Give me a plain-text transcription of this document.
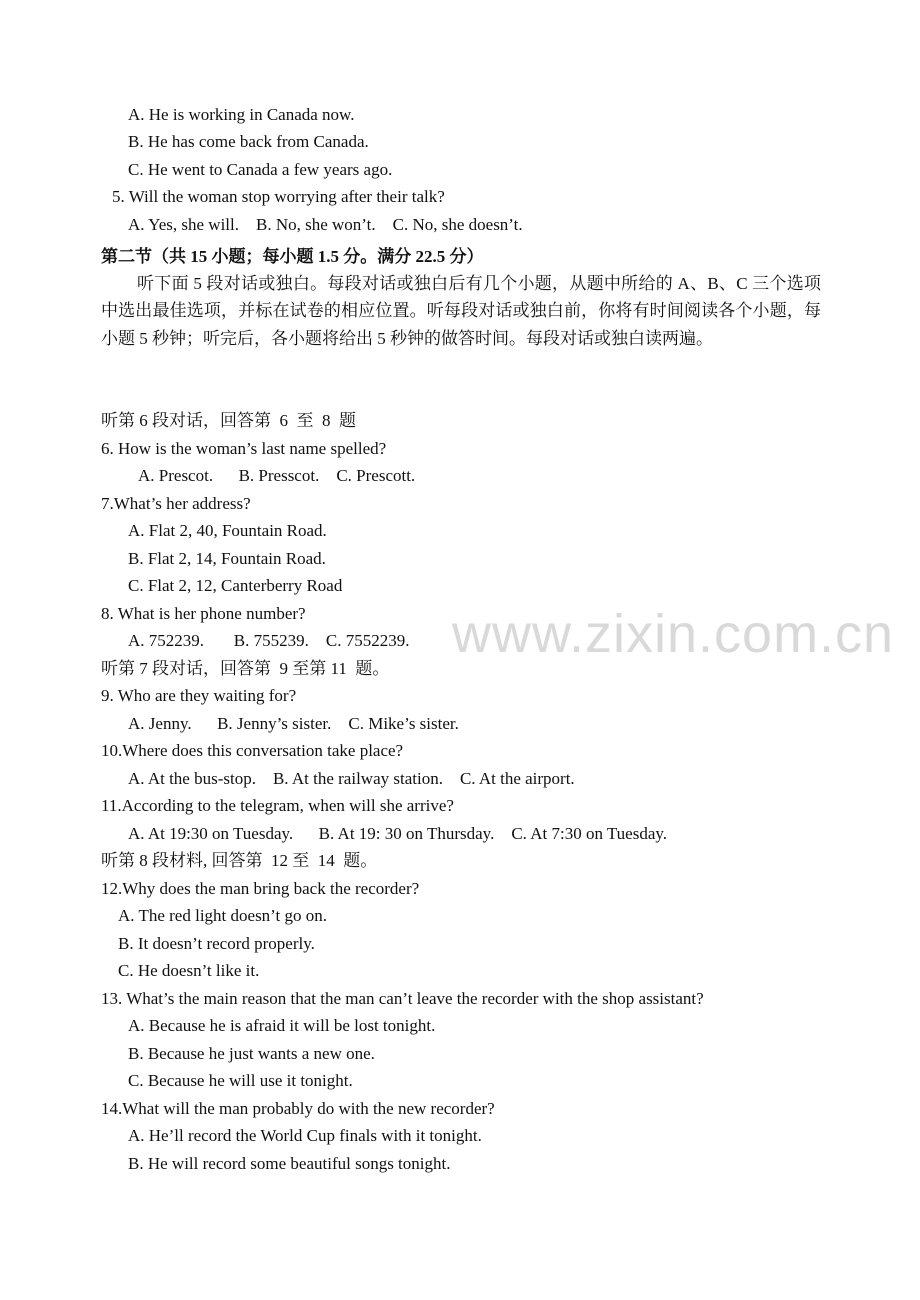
A. He is working in Canada now.
B. He has come back from Canada.
C. He went to Canada a few years ago.
5. Will the woman stop worrying after their talk?
A. Yes, she will.    B. No, she won’t.    C. No, she doesn’t.
第二节（共 15 小题；每小题 1.5 分。满分 22.5 分）
听下面 5 段对话或独白。每段对话或独白后有几个小题，从题中所给的 A、B、C 三个选项中选出最佳选项，并标在试卷的相应位置。听每段对话或独白前，你将有时间阅读各个小题，每小题 5 秒钟；听完后，各小题将给出 5 秒钟的做答时间。每段对话或独白读两遍。
听第 6 段对话，回答第  6  至  8  题
6. How is the woman’s last name spelled?
A. Prescot.      B. Presscot.    C. Prescott.
7.What’s her address?
A. Flat 2, 40, Fountain Road.
B. Flat 2, 14, Fountain Road.
C. Flat 2, 12, Canterberry Road
8. What is her phone number?
A. 752239.       B. 755239.    C. 7552239.
听第 7 段对话，回答第  9 至第 11  题。
9. Who are they waiting for?
A. Jenny.      B. Jenny’s sister.    C. Mike’s sister.
10.Where does this conversation take place?
A. At the bus-stop.    B. At the railway station.    C. At the airport.
11.According to the telegram, when will she arrive?
A. At 19:30 on Tuesday.      B. At 19: 30 on Thursday.    C. At 7:30 on Tuesday.
听第 8 段材料, 回答第  12 至  14  题。
12.Why does the man bring back the recorder?
A. The red light doesn’t go on.
B. It doesn’t record properly.
C. He doesn’t like it.
13. What’s the main reason that the man can’t leave the recorder with the shop assistant?
A. Because he is afraid it will be lost tonight.
B. Because he just wants a new one.
C. Because he will use it tonight.
14.What will the man probably do with the new recorder?
A. He’ll record the World Cup finals with it tonight.
B. He will record some beautiful songs tonight.
www.zixin.com.cn
